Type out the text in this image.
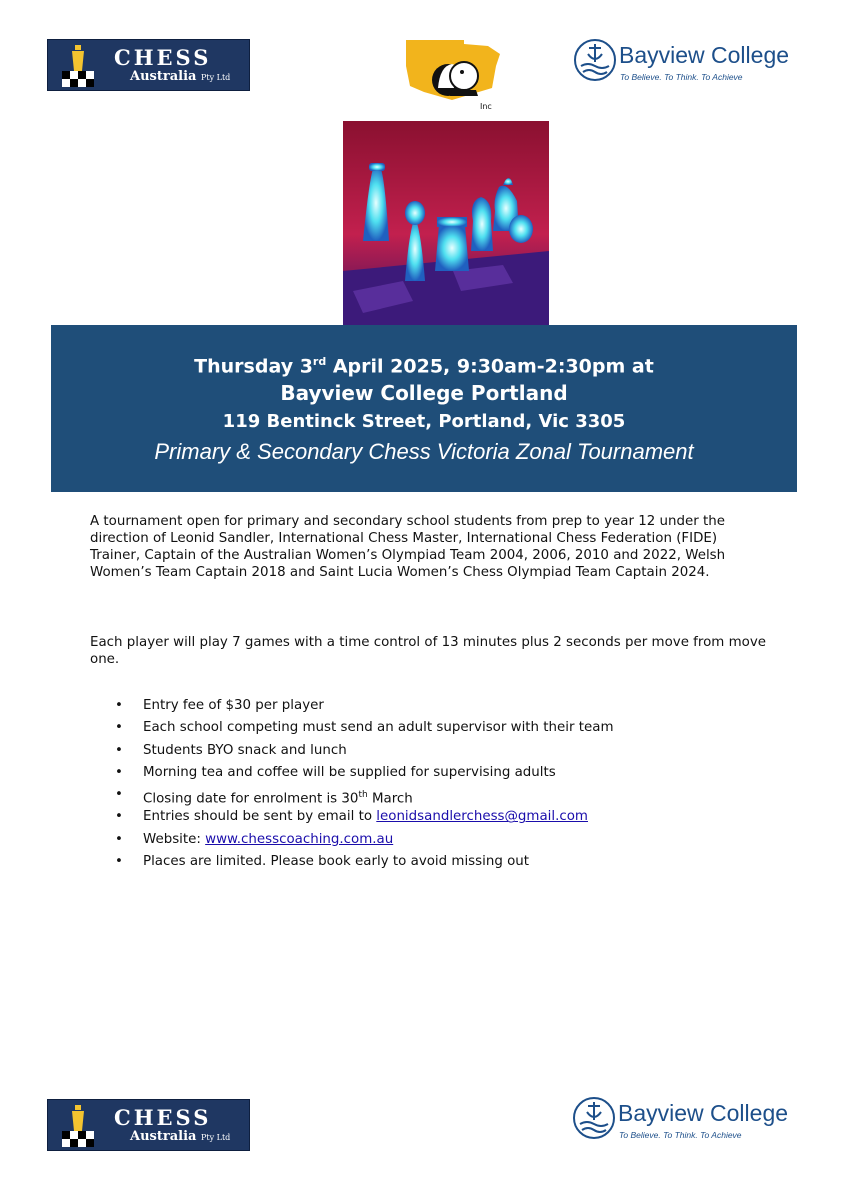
CHESS
Australia Pty Ltd
Inc
Bayview College
To Believe. To Think. To Achieve
Thursday 3rd April 2025, 9:30am-2:30pm at
Bayview College Portland
119 Bentinck Street, Portland, Vic 3305
Primary & Secondary Chess Victoria Zonal Tournament
A tournament open for primary and secondary school students from prep to year 12 under the direction of Leonid Sandler, International Chess Master, International Chess Federation (FIDE) Trainer, Captain of the Australian Women’s Olympiad Team 2004, 2006, 2010 and 2022, Welsh Women’s Team Captain 2018 and Saint Lucia Women’s Chess Olympiad Team Captain 2024.
Each player will play 7 games with a time control of 13 minutes plus 2 seconds per move from move one.
• Entry fee of $30 per player
• Each school competing must send an adult supervisor with their team
• Students BYO snack and lunch
• Morning tea and coffee will be supplied for supervising adults
• Closing date for enrolment is 30th March
• Entries should be sent by email to leonidsandlerchess@gmail.com
• Website: www.chesscoaching.com.au
• Places are limited. Please book early to avoid missing out
CHESS
Australia Pty Ltd
Bayview College
To Believe. To Think. To Achieve
